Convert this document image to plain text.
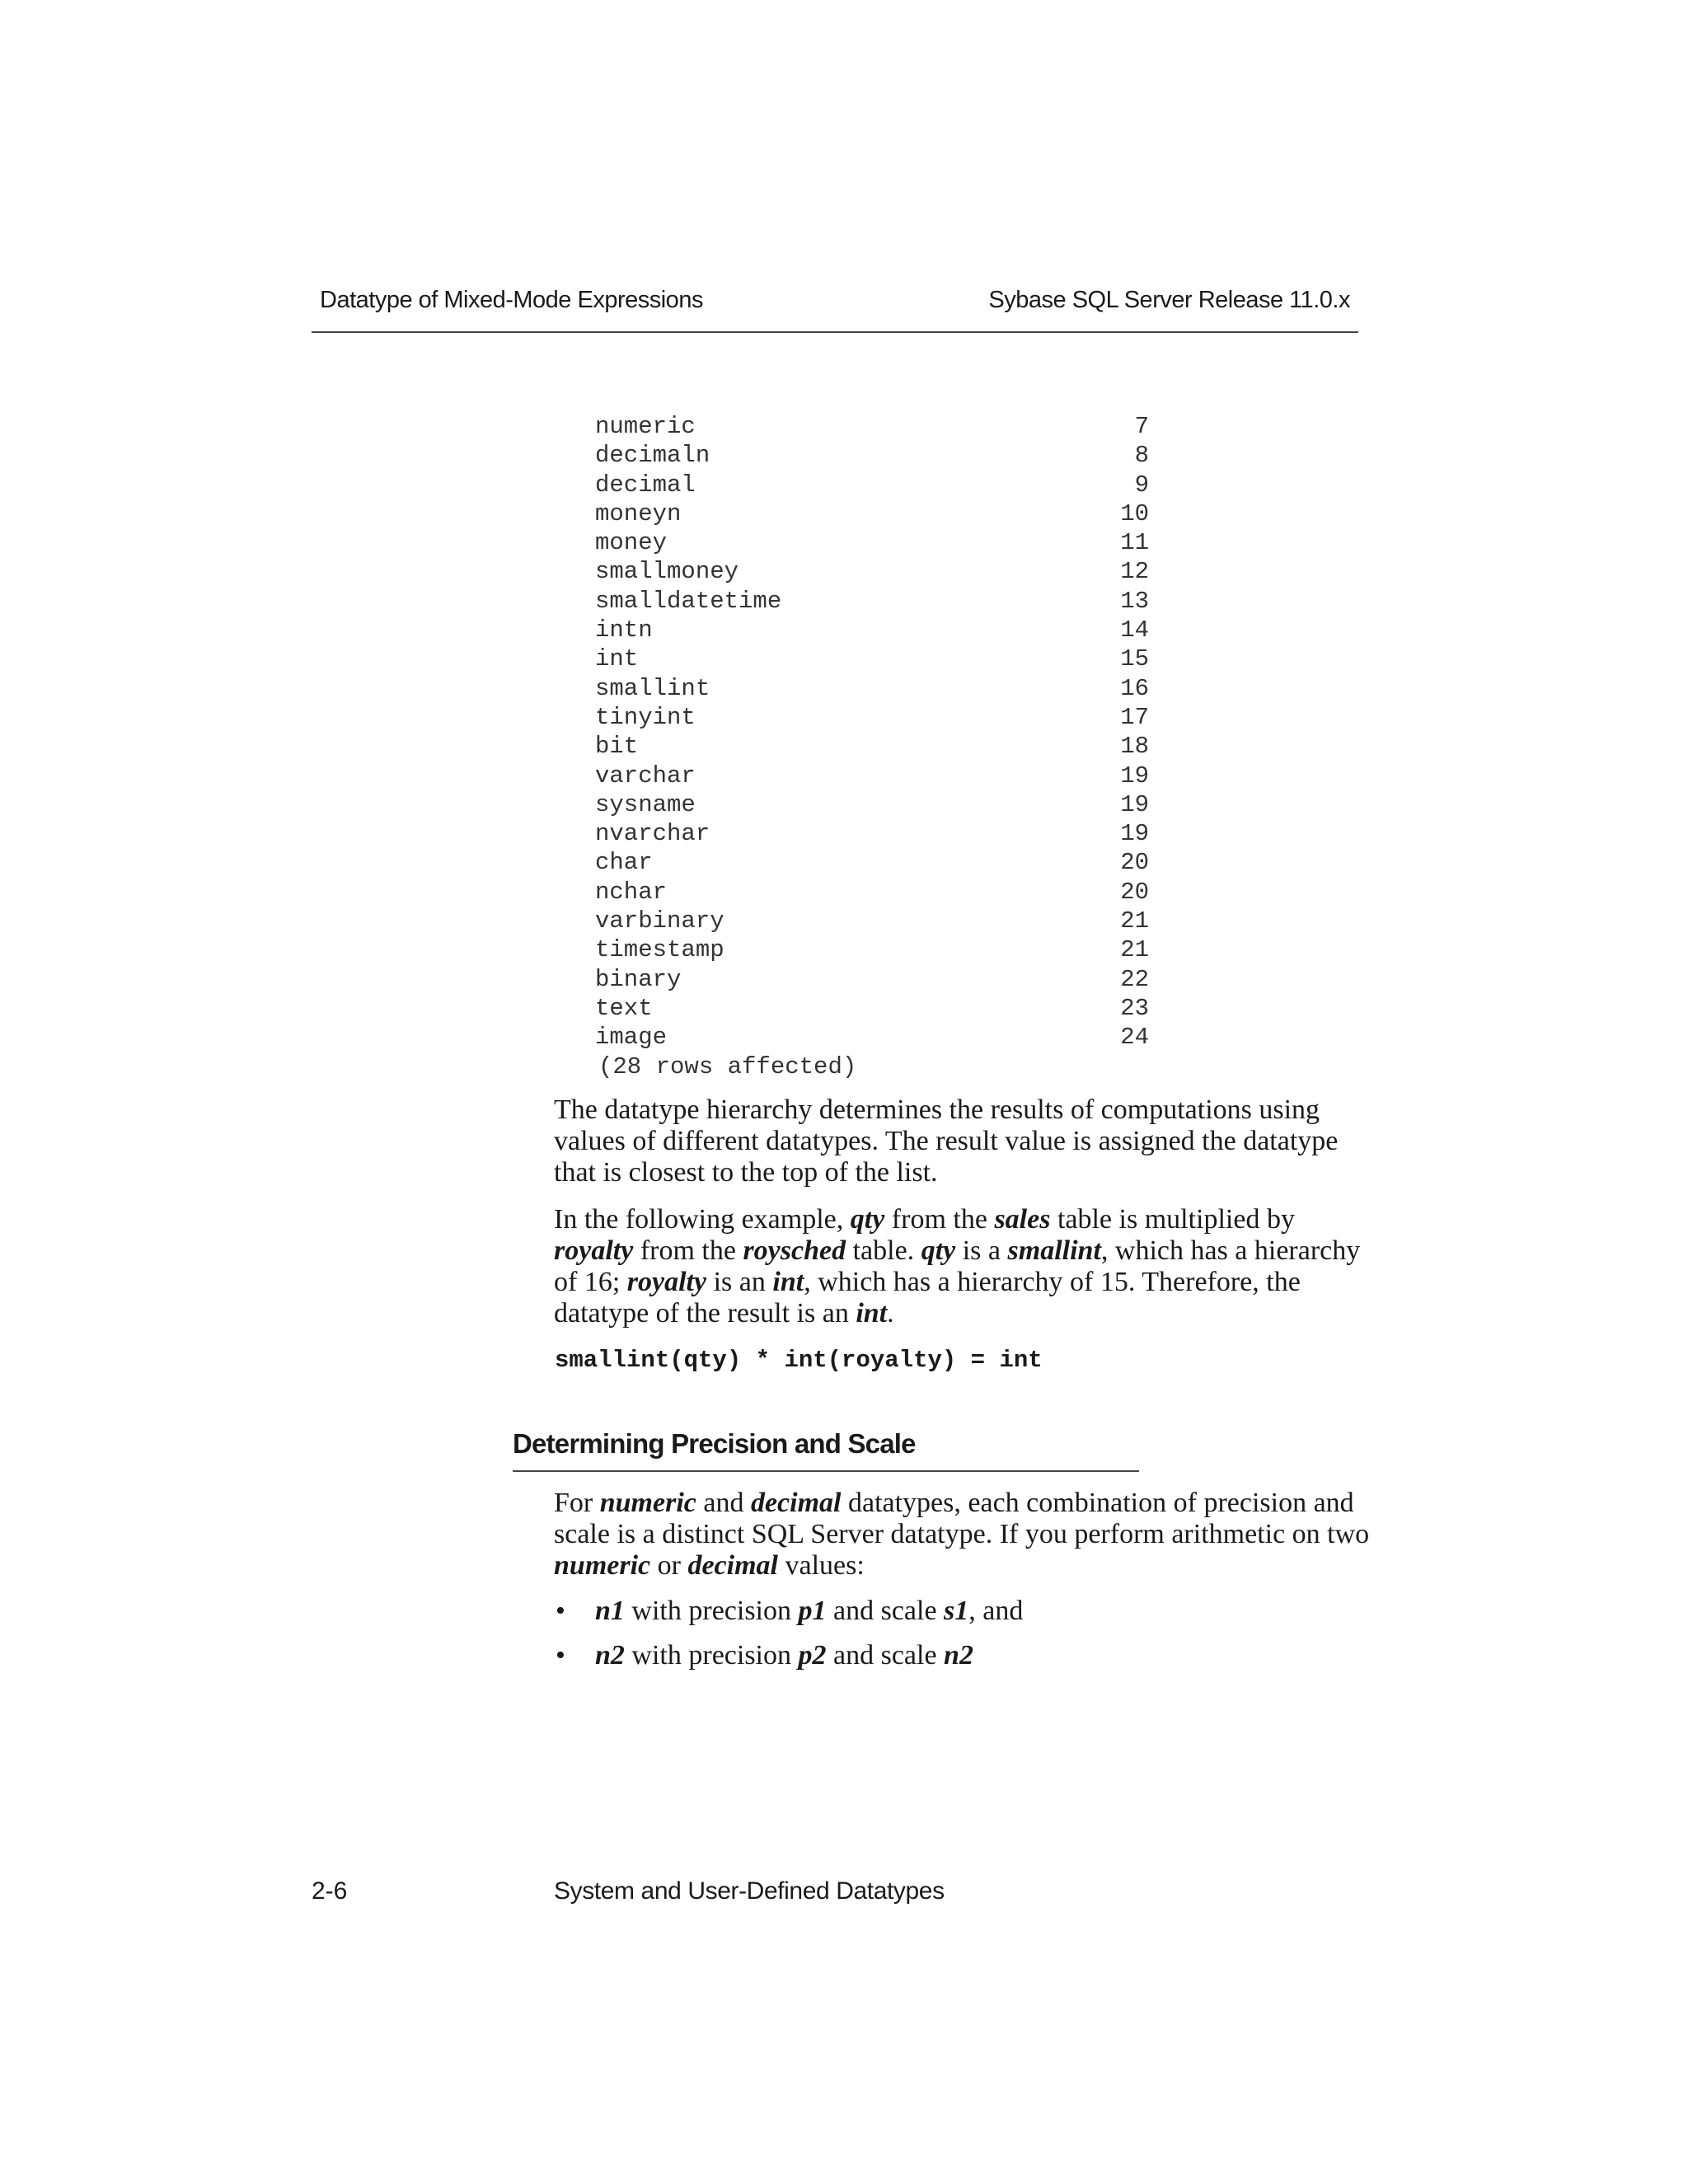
Datatype of Mixed-Mode Expressions	Sybase SQL Server Release 11.0.x
numeric	7
decimaln	8
decimal	9
moneyn	10
money	11
smallmoney	12
smalldatetime	13
intn	14
int	15
smallint	16
tinyint	17
bit	18
varchar	19
sysname	19
nvarchar	19
char	20
nchar	20
varbinary	21
timestamp	21
binary	22
text	23
image	24
(28 rows affected)

The datatype hierarchy determines the results of computations using values of different datatypes. The result value is assigned the datatype that is closest to the top of the list.

In the following example, qty from the sales table is multiplied by royalty from the roysched table. qty is a smallint, which has a hierarchy of 16; royalty is an int, which has a hierarchy of 15. Therefore, the datatype of the result is an int.

smallint(qty) * int(royalty) = int
Determining Precision and Scale

For numeric and decimal datatypes, each combination of precision and scale is a distinct SQL Server datatype. If you perform arithmetic on two numeric or decimal values:

• n1 with precision p1 and scale s1, and
• n2 with precision p2 and scale n2
2-6	System and User-Defined Datatypes
